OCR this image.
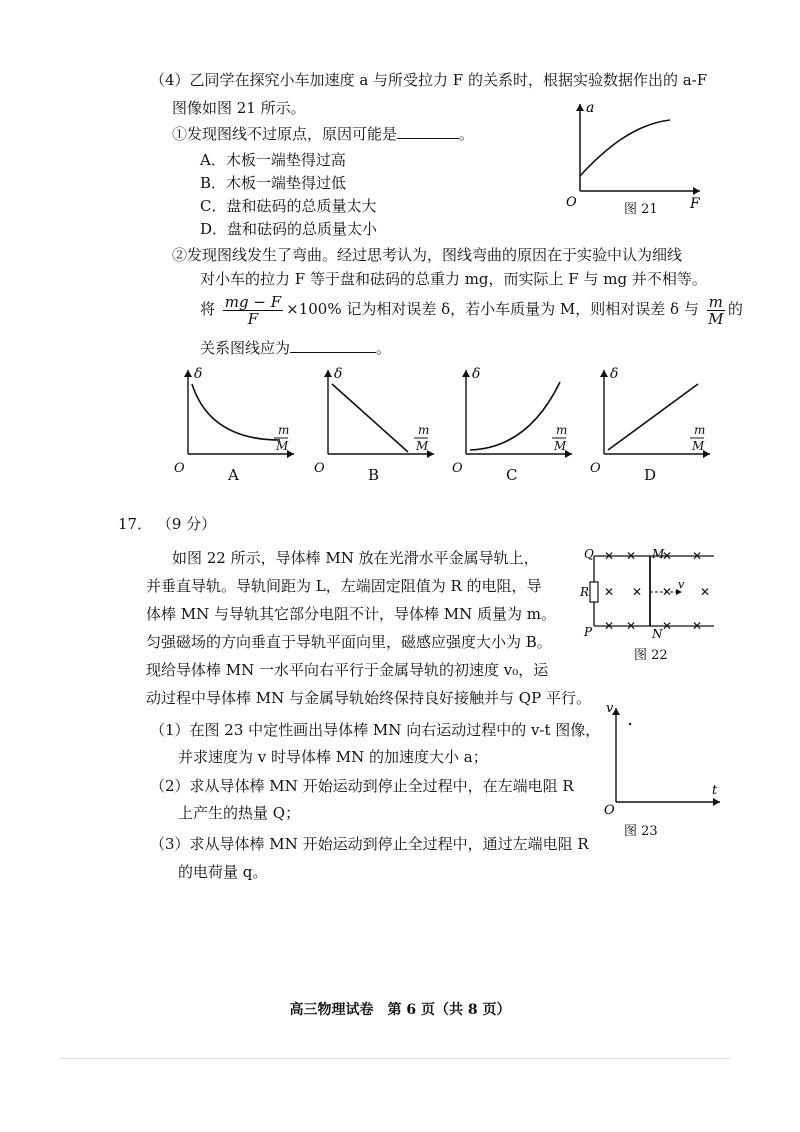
（4）乙同学在探究小车加速度 a 与所受拉力 F 的关系时，根据实验数据作出的 a-F
图像如图 21 所示。
①发现图线不过原点，原因可能是	。
A．木板一端垫得过高
B．木板一端垫得过低
C．盘和砝码的总质量太大
D．盘和砝码的总质量太小
a
F
O	图 21
②发现图线发生了弯曲。经过思考认为，图线弯曲的原因在于实验中认为细线
对小车的拉力 F 等于盘和砝码的总重力 mg，而实际上 F 与 mg 并不相等。
将 $\frac{mg - F}{F} \times 100\%$ 记为相对误差 δ，若小车质量为 M，则相对误差 δ 与 $\frac{m}{M}$ 的
关系图线应为	。
δ
O
m
M
A
δ
O
m
M
B
δ
O
m
M
C
δ
O
m
M
D
17． （9 分）
如图 22 所示，导体棒 MN 放在光滑水平金属导轨上，
并垂直导轨。导轨间距为 L，左端固定阻值为 R 的电阻，导
体棒 MN 与导轨其它部分电阻不计，导体棒 MN 质量为 m。
匀强磁场的方向垂直于导轨平面向里，磁感应强度大小为 B。
现给导体棒 MN 一水平向右平行于金属导轨的初速度 v₀，运
动过程中导体棒 MN 与金属导轨始终保持良好接触并与 QP 平行。
（1）在图 23 中定性画出导体棒 MN 向右运动过程中的 v-t 图像，
并求速度为 v 时导体棒 MN 的加速度大小 a；
（2）求从导体棒 MN 开始运动到停止全过程中，在左端电阻 R
上产生的热量 Q；
（3）求从导体棒 MN 开始运动到停止全过程中，通过左端电阻 R
的电荷量 q。
✕ ✕ ✕ ✕
✕ ✕ ✕ ✕
✕ ✕ ✕ ✕
Q
P
M
N
R
v
图 22
v
t
O
图 23
高三物理试卷　第 6 页（共 8 页）
